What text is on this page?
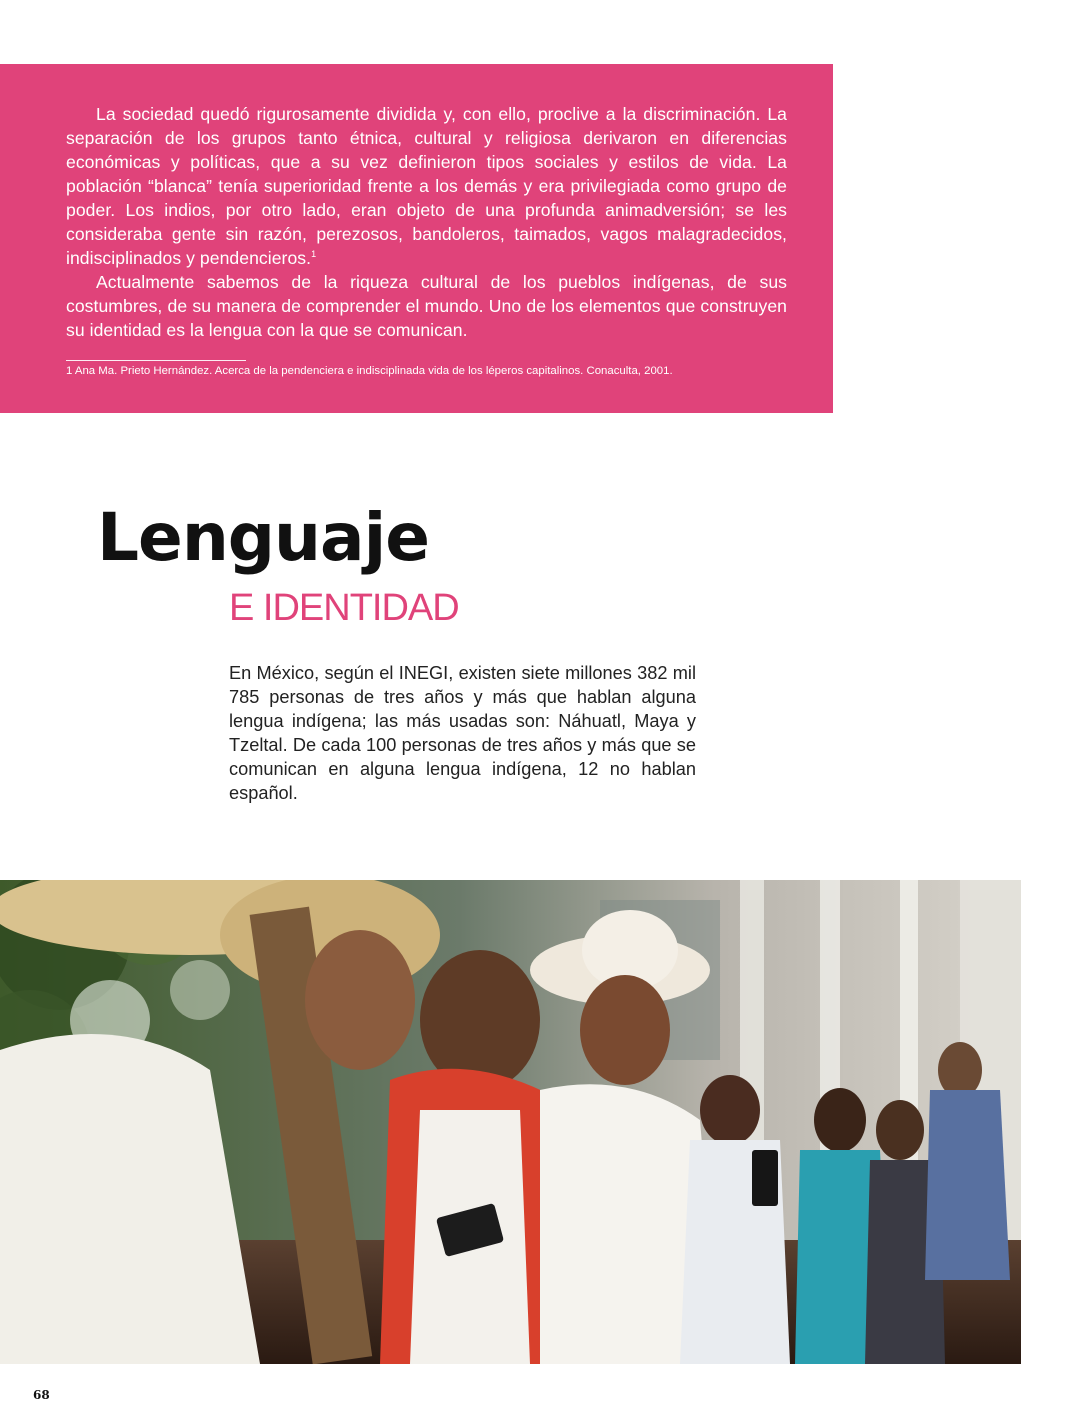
La sociedad quedó rigurosamente dividida y, con ello, proclive a la discriminación. La separación de los grupos tanto étnica, cultural y religiosa derivaron en diferencias económicas y políticas, que a su vez definieron tipos sociales y estilos de vida. La población “blanca” tenía superioridad frente a los demás y era privilegiada como grupo de poder. Los indios, por otro lado, eran objeto de una profunda animadversión; se les consideraba gente sin razón, perezosos, bandoleros, taimados, vagos malagradecidos, indisciplinados y pendencieros.$^1$

Actualmente sabemos de la riqueza cultural de los pueblos indígenas, de sus costumbres, de su manera de comprender el mundo. Uno de los elementos que construyen su identidad es la lengua con la que se comunican.

1 Ana Ma. Prieto Hernández. Acerca de la pendenciera e indisciplinada vida de los léperos capitalinos. Conaculta, 2001.
Lenguaje
E IDENTIDAD

En México, según el INEGI, existen siete millones 382 mil 785 personas de tres años y más que hablan alguna lengua indígena; las más usadas son: Náhuatl, Maya y Tzeltal. De cada 100 personas de tres años y más que se comunican en alguna lengua indígena, 12 no hablan español.

68
